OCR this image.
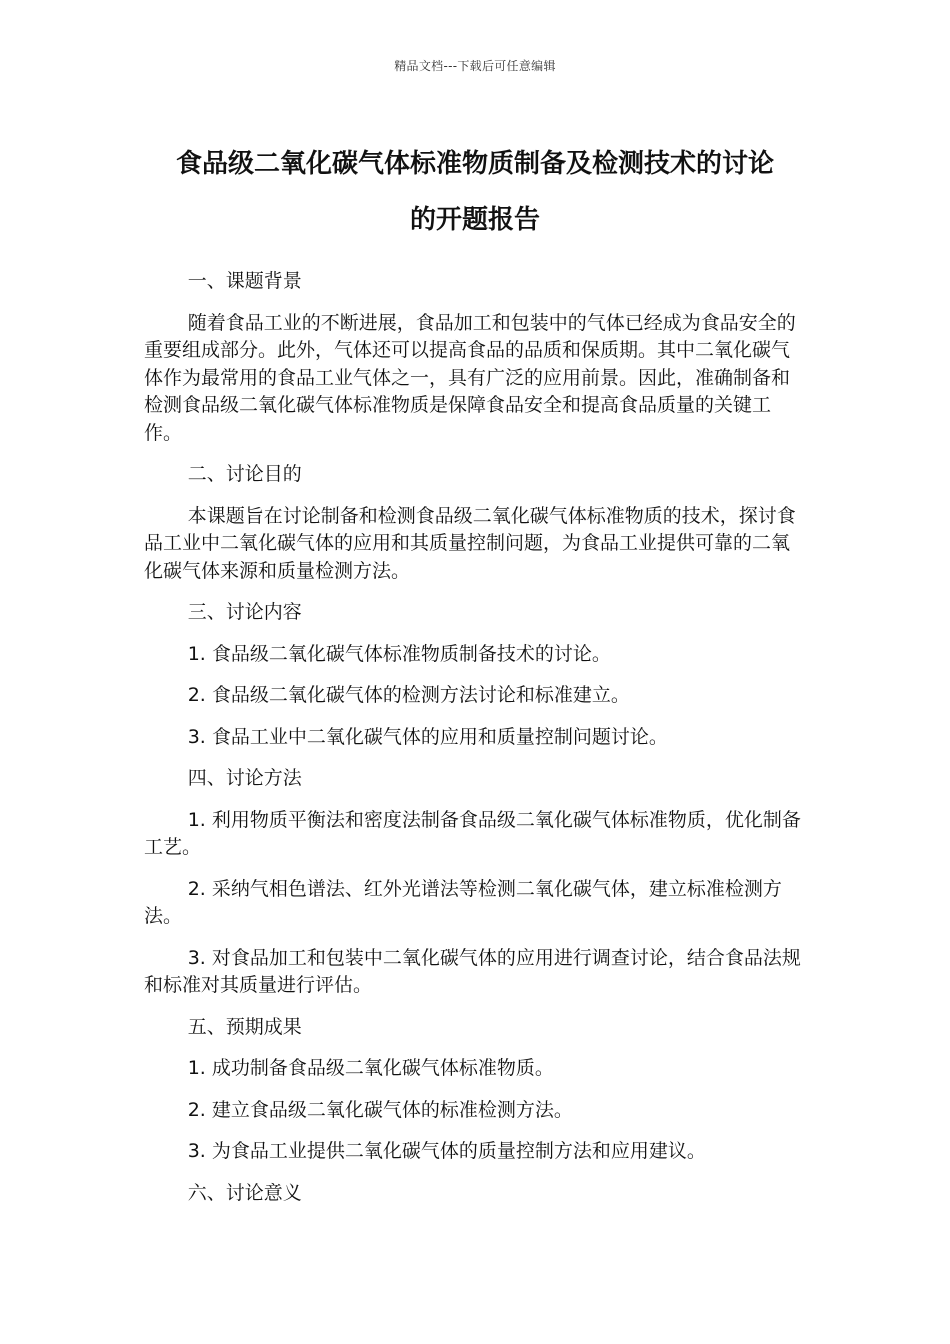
精品文档---下载后可任意编辑
食品级二氧化碳气体标准物质制备及检测技术的讨论
的开题报告

一、课题背景

随着食品工业的不断进展，食品加工和包装中的气体已经成为食品安全的重要组成部分。此外，气体还可以提高食品的品质和保质期。其中二氧化碳气体作为最常用的食品工业气体之一，具有广泛的应用前景。因此，准确制备和检测食品级二氧化碳气体标准物质是保障食品安全和提高食品质量的关键工作。

二、讨论目的

本课题旨在讨论制备和检测食品级二氧化碳气体标准物质的技术，探讨食品工业中二氧化碳气体的应用和其质量控制问题，为食品工业提供可靠的二氧化碳气体来源和质量检测方法。

三、讨论内容

1. 食品级二氧化碳气体标准物质制备技术的讨论。

2. 食品级二氧化碳气体的检测方法讨论和标准建立。

3. 食品工业中二氧化碳气体的应用和质量控制问题讨论。

四、讨论方法

1. 利用物质平衡法和密度法制备食品级二氧化碳气体标准物质，优化制备工艺。

2. 采纳气相色谱法、红外光谱法等检测二氧化碳气体，建立标准检测方法。

3. 对食品加工和包装中二氧化碳气体的应用进行调查讨论，结合食品法规和标准对其质量进行评估。

五、预期成果

1. 成功制备食品级二氧化碳气体标准物质。

2. 建立食品级二氧化碳气体的标准检测方法。

3. 为食品工业提供二氧化碳气体的质量控制方法和应用建议。

六、讨论意义
